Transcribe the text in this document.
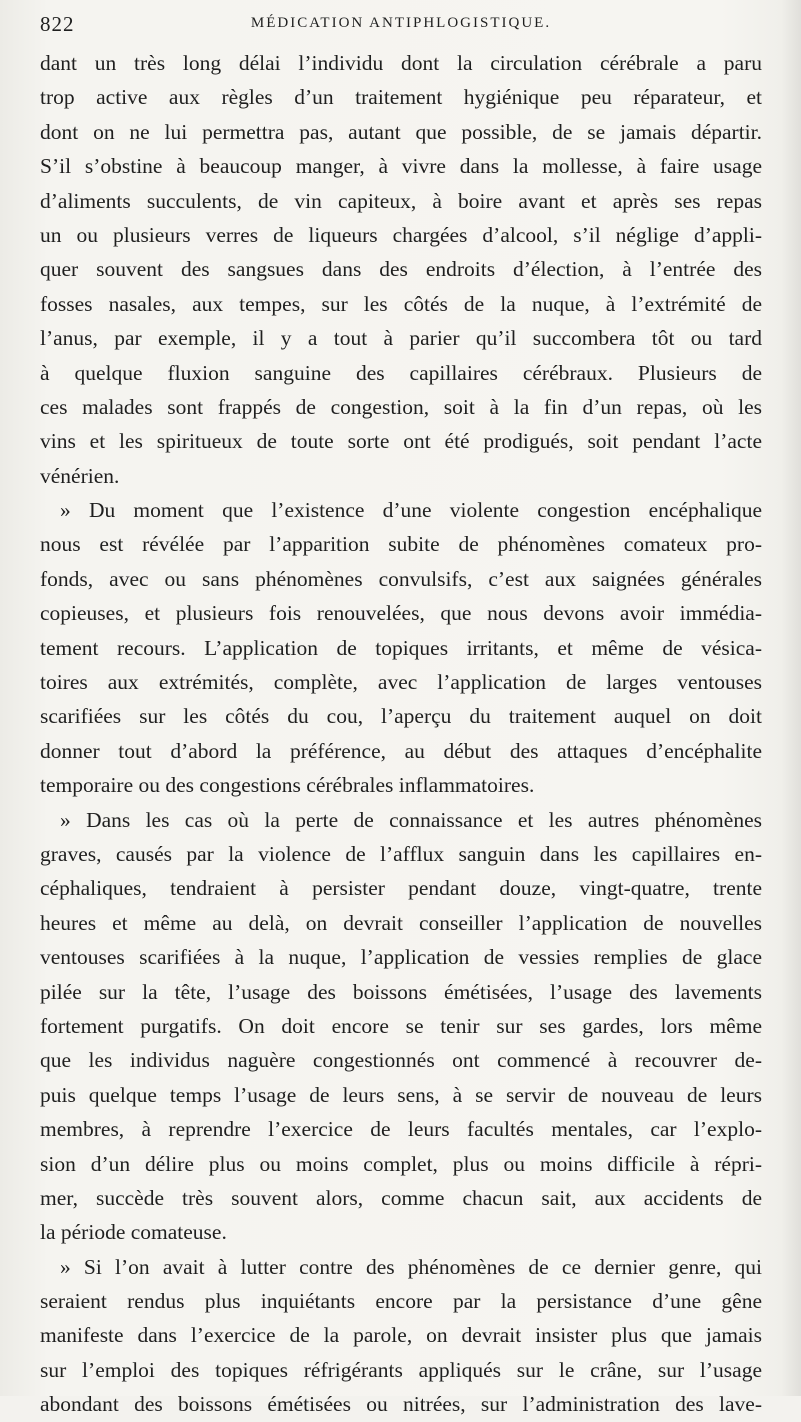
822	MÉDICATION ANTIPHLOGISTIQUE.
dant un très long délai l’individu dont la circulation cérébrale a paru
trop active aux règles d’un traitement hygiénique peu réparateur, et
dont on ne lui permettra pas, autant que possible, de se jamais départir.
S’il s’obstine à beaucoup manger, à vivre dans la mollesse, à faire usage
d’aliments succulents, de vin capiteux, à boire avant et après ses repas
un ou plusieurs verres de liqueurs chargées d’alcool, s’il néglige d’appli-
quer souvent des sangsues dans des endroits d’élection, à l’entrée des
fosses nasales, aux tempes, sur les côtés de la nuque, à l’extrémité de
l’anus, par exemple, il y a tout à parier qu’il succombera tôt ou tard
à quelque fluxion sanguine des capillaires cérébraux. Plusieurs de
ces malades sont frappés de congestion, soit à la fin d’un repas, où les
vins et les spiritueux de toute sorte ont été prodigués, soit pendant l’acte
vénérien.
» Du moment que l’existence d’une violente congestion encéphalique
nous est révélée par l’apparition subite de phénomènes comateux pro-
fonds, avec ou sans phénomènes convulsifs, c’est aux saignées générales
copieuses, et plusieurs fois renouvelées, que nous devons avoir immédia-
tement recours. L’application de topiques irritants, et même de vésica-
toires aux extrémités, complète, avec l’application de larges ventouses
scarifiées sur les côtés du cou, l’aperçu du traitement auquel on doit
donner tout d’abord la préférence, au début des attaques d’encéphalite
temporaire ou des congestions cérébrales inflammatoires.
» Dans les cas où la perte de connaissance et les autres phénomènes
graves, causés par la violence de l’afflux sanguin dans les capillaires en-
céphaliques, tendraient à persister pendant douze, vingt-quatre, trente
heures et même au delà, on devrait conseiller l’application de nouvelles
ventouses scarifiées à la nuque, l’application de vessies remplies de glace
pilée sur la tête, l’usage des boissons émétisées, l’usage des lavements
fortement purgatifs. On doit encore se tenir sur ses gardes, lors même
que les individus naguère congestionnés ont commencé à recouvrer de-
puis quelque temps l’usage de leurs sens, à se servir de nouveau de leurs
membres, à reprendre l’exercice de leurs facultés mentales, car l’explo-
sion d’un délire plus ou moins complet, plus ou moins difficile à répri-
mer, succède très souvent alors, comme chacun sait, aux accidents de
la période comateuse.
» Si l’on avait à lutter contre des phénomènes de ce dernier genre, qui
seraient rendus plus inquiétants encore par la persistance d’une gêne
manifeste dans l’exercice de la parole, on devrait insister plus que jamais
sur l’emploi des topiques réfrigérants appliqués sur le crâne, sur l’usage
abondant des boissons émétisées ou nitrées, sur l’administration des lave-
